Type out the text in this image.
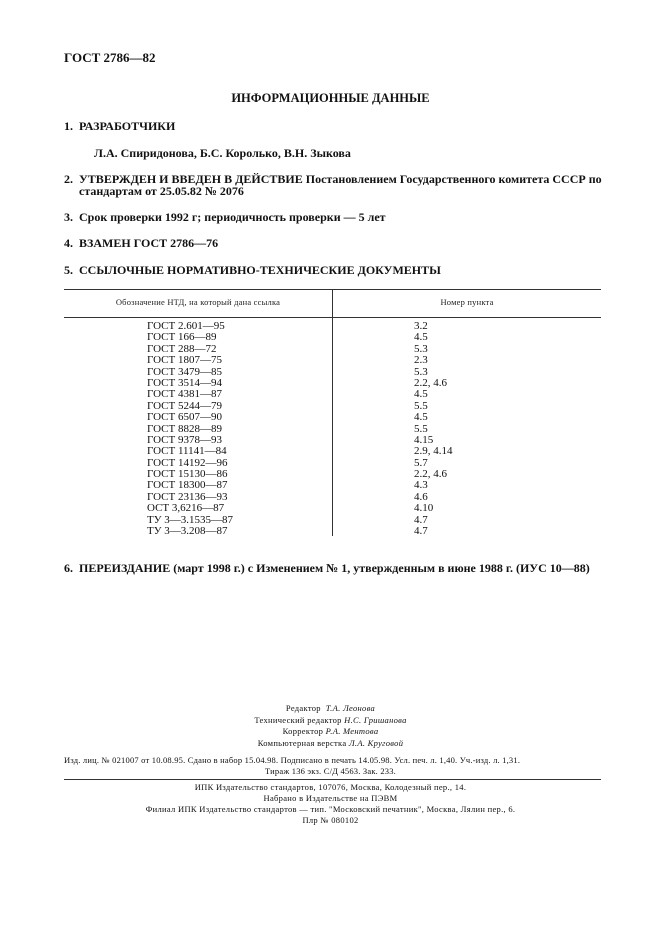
ГОСТ 2786—82
ИНФОРМАЦИОННЫЕ ДАННЫЕ
1. РАЗРАБОТЧИКИ
Л.А. Спиридонова, Б.С. Королько, В.Н. Зыкова
2. УТВЕРЖДЕН И ВВЕДЕН В ДЕЙСТВИЕ Постановлением Государственного комитета СССР по
стандартам от 25.05.82 № 2076
3. Срок проверки 1992 г; периодичность проверки — 5 лет
4. ВЗАМЕН ГОСТ 2786—76
5. ССЫЛОЧНЫЕ НОРМАТИВНО-ТЕХНИЧЕСКИЕ ДОКУМЕНТЫ
Обозначение НТД, на который дана ссылка	Номер пункта
ГОСТ 2.601—95
ГОСТ 166—89
ГОСТ 288—72
ГОСТ 1807—75
ГОСТ 3479—85
ГОСТ 3514—94
ГОСТ 4381—87
ГОСТ 5244—79
ГОСТ 6507—90
ГОСТ 8828—89
ГОСТ 9378—93
ГОСТ 11141—84
ГОСТ 14192—96
ГОСТ 15130—86
ГОСТ 18300—87
ГОСТ 23136—93
ОСТ 3,6216—87
ТУ 3—3.1535—87
ТУ 3—3.208—87
3.2
4.5
5.3
2.3
5.3
2.2, 4.6
4.5
5.5
4.5
5.5
4.15
2.9, 4.14
5.7
2.2, 4.6
4.3
4.6
4.10
4.7
4.7
6. ПЕРЕИЗДАНИЕ (март 1998 г.) с Изменением № 1, утвержденным в июне 1988 г. (ИУС 10—88)
Редактор Т.А. Леонова
Технический редактор Н.С. Гришанова
Корректор Р.А. Ментова
Компьютерная верстка Л.А. Круговой
Изд. лиц. № 021007 от 10.08.95. Сдано в набор 15.04.98. Подписано в печать 14.05.98. Усл. печ. л. 1,40. Уч.-изд. л. 1,31.
Тираж 136 экз. С/Д 4563. Зак. 233.
ИПК Издательство стандартов, 107076, Москва, Колодезный пер., 14.
Набрано в Издательстве на ПЭВМ
Филиал ИПК Издательство стандартов — тип. "Московский печатник", Москва, Лялин пер., 6.
Плр № 080102
